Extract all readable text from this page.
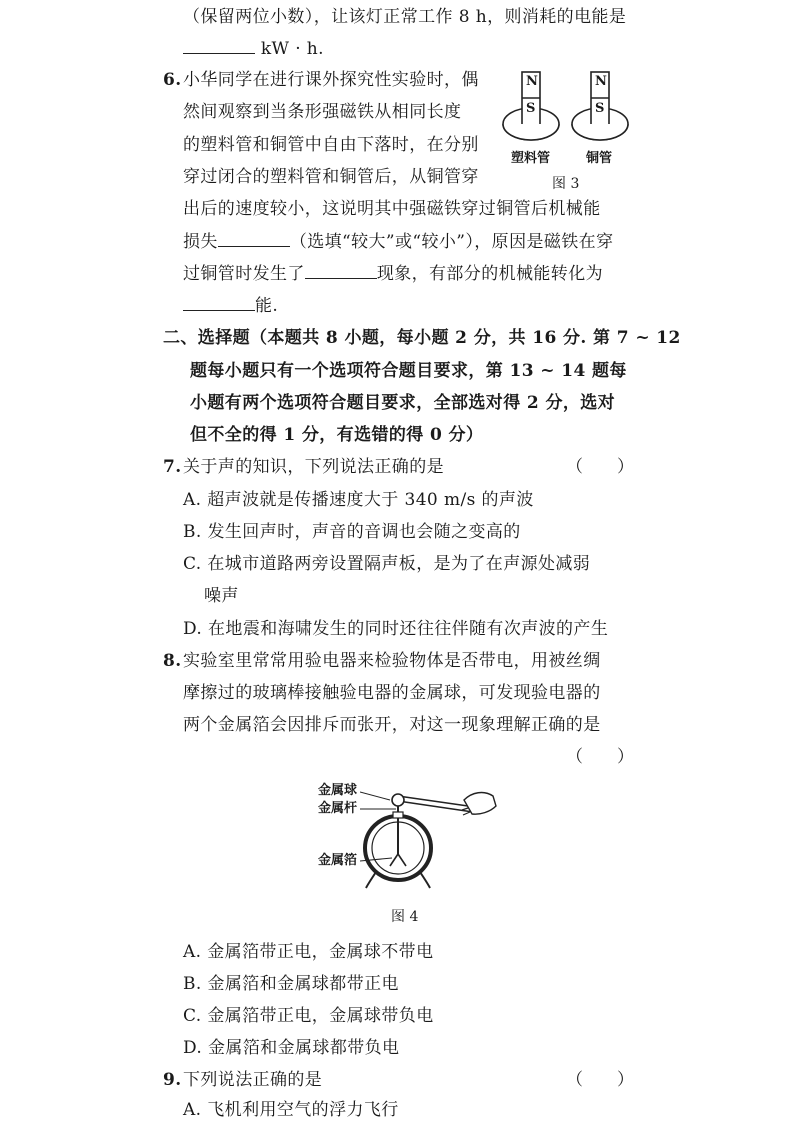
（保留两位小数），让该灯正常工作 8 h，则消耗的电能是
kW · h.
6. 小华同学在进行课外探究性实验时，偶
然间观察到当条形强磁铁从相同长度
的塑料管和铜管中自由下落时，在分别
穿过闭合的塑料管和铜管后，从铜管穿
出后的速度较小，这说明其中强磁铁穿过铜管后机械能
损失	（选填“较大”或“较小”），原因是磁铁在穿
过铜管时发生了	现象，有部分的机械能转化为
能.
N
S
N
S
塑料管	铜管
图 3
二、选择题（本题共 8 小题，每小题 2 分，共 16 分. 第 7 ~ 12
题每小题只有一个选项符合题目要求，第 13 ~ 14 题每
小题有两个选项符合题目要求，全部选对得 2 分，选对
但不全的得 1 分，有选错的得 0 分）
7. 关于声的知识，下列说法正确的是	（　　）
A. 超声波就是传播速度大于 340 m/s 的声波
B. 发生回声时，声音的音调也会随之变高的
C. 在城市道路两旁设置隔声板，是为了在声源处减弱
噪声
D. 在地震和海啸发生的同时还往往伴随有次声波的产生
8. 实验室里常常用验电器来检验物体是否带电，用被丝绸
摩擦过的玻璃棒接触验电器的金属球，可发现验电器的
两个金属箔会因排斥而张开，对这一现象理解正确的是
（　　）
金属球
金属杆
金属箔
图 4
A. 金属箔带正电，金属球不带电
B. 金属箔和金属球都带正电
C. 金属箔带正电，金属球带负电
D. 金属箔和金属球都带负电
9. 下列说法正确的是	（　　）
A. 飞机利用空气的浮力飞行
